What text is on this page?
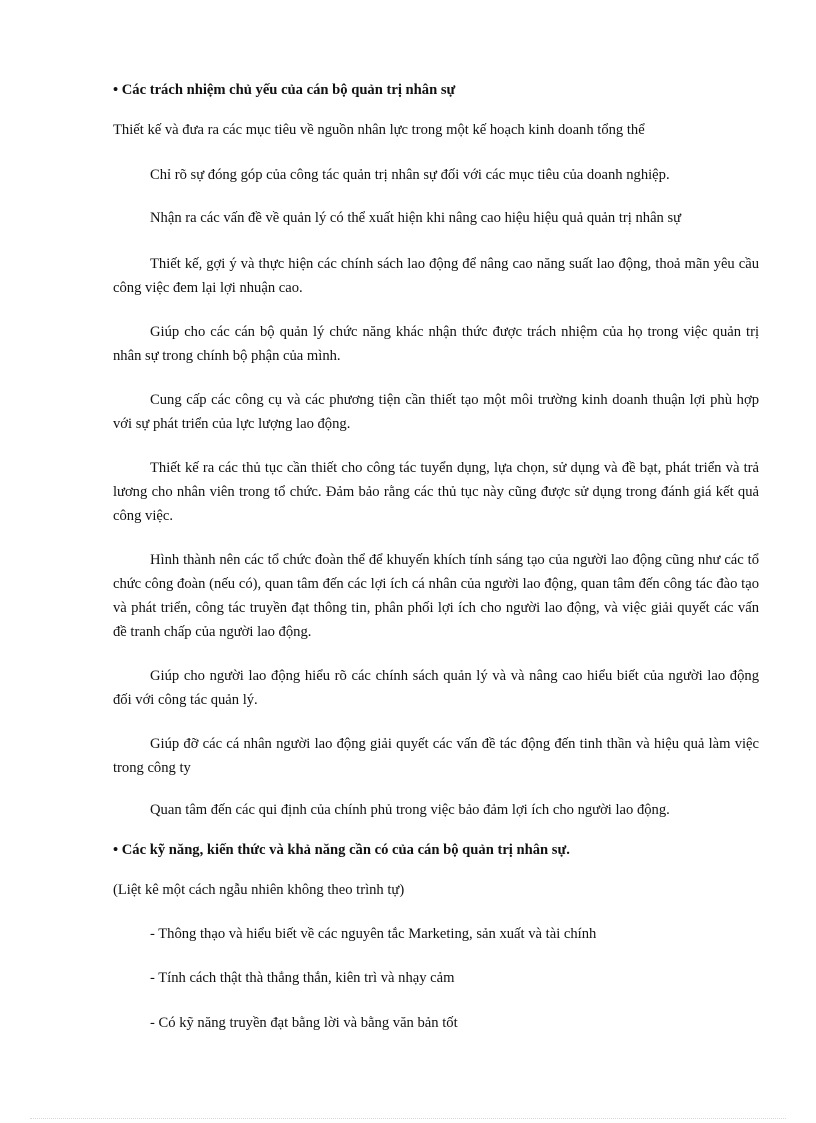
• Các trách nhiệm chủ yếu của cán bộ quản trị nhân sự
Thiết kế và đưa ra các mục tiêu về nguồn nhân lực trong một kế hoạch kinh doanh tổng thể
Chỉ rõ sự đóng góp của công tác quản trị nhân sự đối với các mục tiêu của doanh nghiệp.
Nhận ra các vấn đề về quản lý có thể xuất hiện khi nâng cao hiệu hiệu quả quản trị nhân sự
Thiết kế, gợi ý và thực hiện các chính sách lao động để nâng cao năng suất lao động, thoả mãn yêu cầu công việc đem lại lợi nhuận cao.
Giúp cho các cán bộ quản lý chức năng khác nhận thức được trách nhiệm của họ trong việc quản trị nhân sự trong chính bộ phận của mình.
Cung cấp các công cụ và các phương tiện cần thiết tạo một môi trường kinh doanh thuận lợi phù hợp với sự phát triển của lực lượng lao động.
Thiết kế ra các thủ tục cần thiết cho công tác tuyển dụng, lựa chọn, sử dụng và đề bạt, phát triển và trả lương cho nhân viên trong tổ chức. Đảm bảo rằng các thủ tục này cũng được sử dụng trong đánh giá kết quả công việc.
Hình thành nên các tổ chức đoàn thể để khuyến khích tính sáng tạo của người lao động cũng như các tổ chức công đoàn (nếu có), quan tâm đến các lợi ích cá nhân của người lao động, quan tâm đến công tác đào tạo và phát triển, công tác truyền đạt thông tin, phân phối lợi ích cho người lao động, và việc giải quyết các vấn đề tranh chấp của người lao động.
Giúp cho người lao động hiểu rõ các chính sách quản lý và và nâng cao hiểu biết của người lao động đối với công tác quản lý.
Giúp đỡ các cá nhân người lao động giải quyết các vấn đề tác động đến tinh thần và hiệu quả làm việc trong công ty
Quan tâm đến các qui định của chính phủ trong việc bảo đảm lợi ích cho người lao động.
• Các kỹ năng, kiến thức và khả năng cần có của cán bộ quản trị nhân sự.
(Liệt kê một cách ngẫu nhiên không theo trình tự)
- Thông thạo và hiểu biết về các nguyên tắc Marketing, sản xuất và tài chính
- Tính cách thật thà thẳng thắn, kiên trì và nhạy cảm
- Có kỹ năng truyền đạt bằng lời và bằng văn bản tốt
